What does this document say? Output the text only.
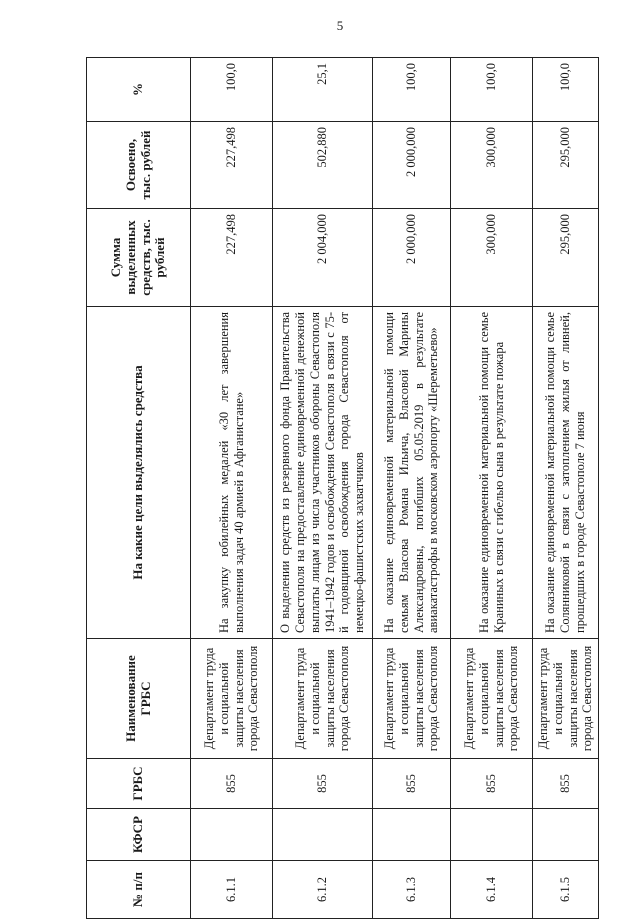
5
№ п/п	КФСР	ГРБС	Наименование ГРБС	На какие цели выделялись средства	Сумма выделенных средств, тыс. рублей	Освоено, тыс. рублей	%
6.1.1		855	Департамент труда и социальной защиты населения города Севастополя	На закупку юбилейных медалей «30 лет завершения выполнения задач 40 армией в Афганистане»	227,498	227,498	100,0
6.1.2		855	Департамент труда и социальной защиты населения города Севастополя	О выделении средств из резервного фонда Правительства Севастополя на предоставление единовременной денежной выплаты лицам из числа участников обороны Севастополя 1941–1942 годов и освобождения Севастополя в связи с 75-й годовщиной освобождения города Севастополя от немецко-фашистских захватчиков	2 004,000	502,880	25,1
6.1.3		855	Департамент труда и социальной защиты населения города Севастополя	На оказание единовременной материальной помощи семьям Власова Романа Ильича, Власовой Марины Александровны, погибших 05.05.2019 в результате авиакатастрофы в московском аэропорту «Шереметьево»	2 000,000	2 000,000	100,0
6.1.4		855	Департамент труда и социальной защиты населения города Севастополя	На оказание единовременной материальной помощи семье Краниных в связи с гибелью сына в результате пожара	300,000	300,000	100,0
6.1.5		855	Департамент труда и социальной защиты населения города Севастополя	На оказание единовременной материальной помощи семье Солянниковой в связи с затоплением жилья от ливней, прошедших в городе Севастополе 7 июня	295,000	295,000	100,0
